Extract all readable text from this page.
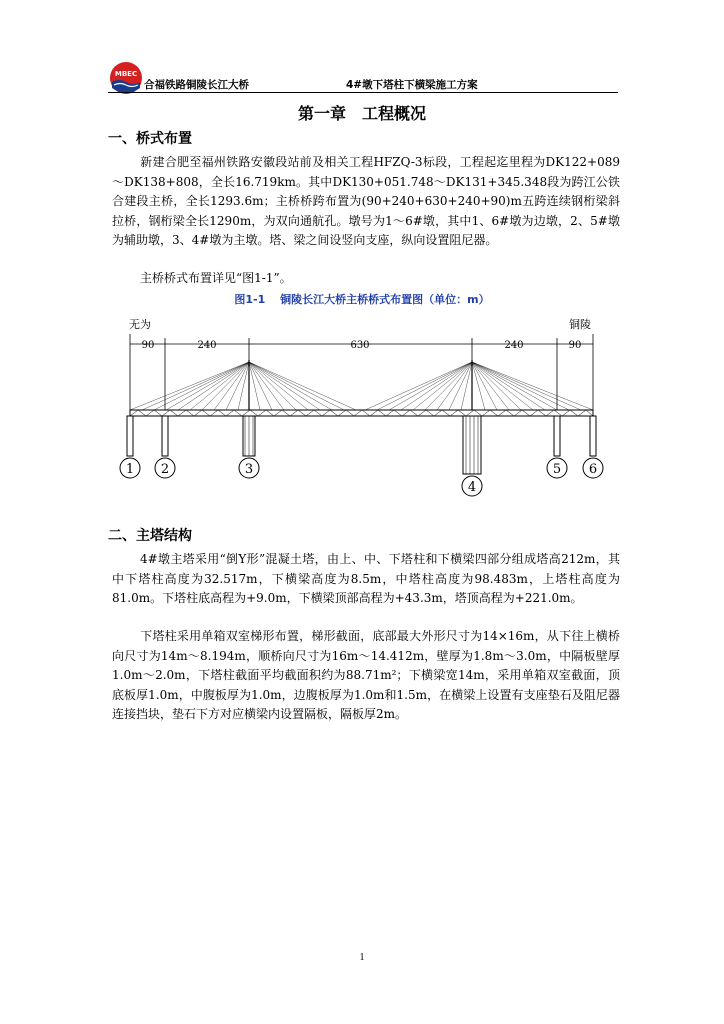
MBEC
合福铁路铜陵长江大桥	4#墩下塔柱下横梁施工方案
第一章　工程概况
一、桥式布置
新建合肥至福州铁路安徽段站前及相关工程HFZQ-3标段，工程起迄里程为DK122+089～DK138+808，全长16.719km。其中DK130+051.748～DK131+345.348段为跨江公铁合建段主桥，全长1293.6m；主桥桥跨布置为(90+240+630+240+90)m五跨连续钢桁梁斜拉桥，钢桁梁全长1290m，为双向通航孔。墩号为1～6#墩，其中1、6#墩为边墩，2、5#墩为辅助墩，3、4#墩为主墩。塔、梁之间设竖向支座，纵向设置阻尼器。
主桥桥式布置详见“图1-1”。
图1-1　 铜陵长江大桥主桥桥式布置图（单位：m）
无为	铜陵
90	240	630	240	90
1 2	3
4
5 6
二、主塔结构
4#墩主塔采用“倒Y形”混凝土塔，由上、中、下塔柱和下横梁四部分组成塔高212m，其中下塔柱高度为32.517m，下横梁高度为8.5m，中塔柱高度为98.483m，上塔柱高度为81.0m。下塔柱底高程为+9.0m，下横梁顶部高程为+43.3m，塔顶高程为+221.0m。
下塔柱采用单箱双室梯形布置，梯形截面，底部最大外形尺寸为14×16m，从下往上横桥向尺寸为14m～8.194m，顺桥向尺寸为16m～14.412m，壁厚为1.8m～3.0m，中隔板壁厚1.0m～2.0m，下塔柱截面平均截面积约为88.71m²；下横梁宽14m，采用单箱双室截面，顶底板厚1.0m，中腹板厚为1.0m，边腹板厚为1.0m和1.5m，在横梁上设置有支座垫石及阻尼器连接挡块，垫石下方对应横梁内设置隔板，隔板厚2m。
1
